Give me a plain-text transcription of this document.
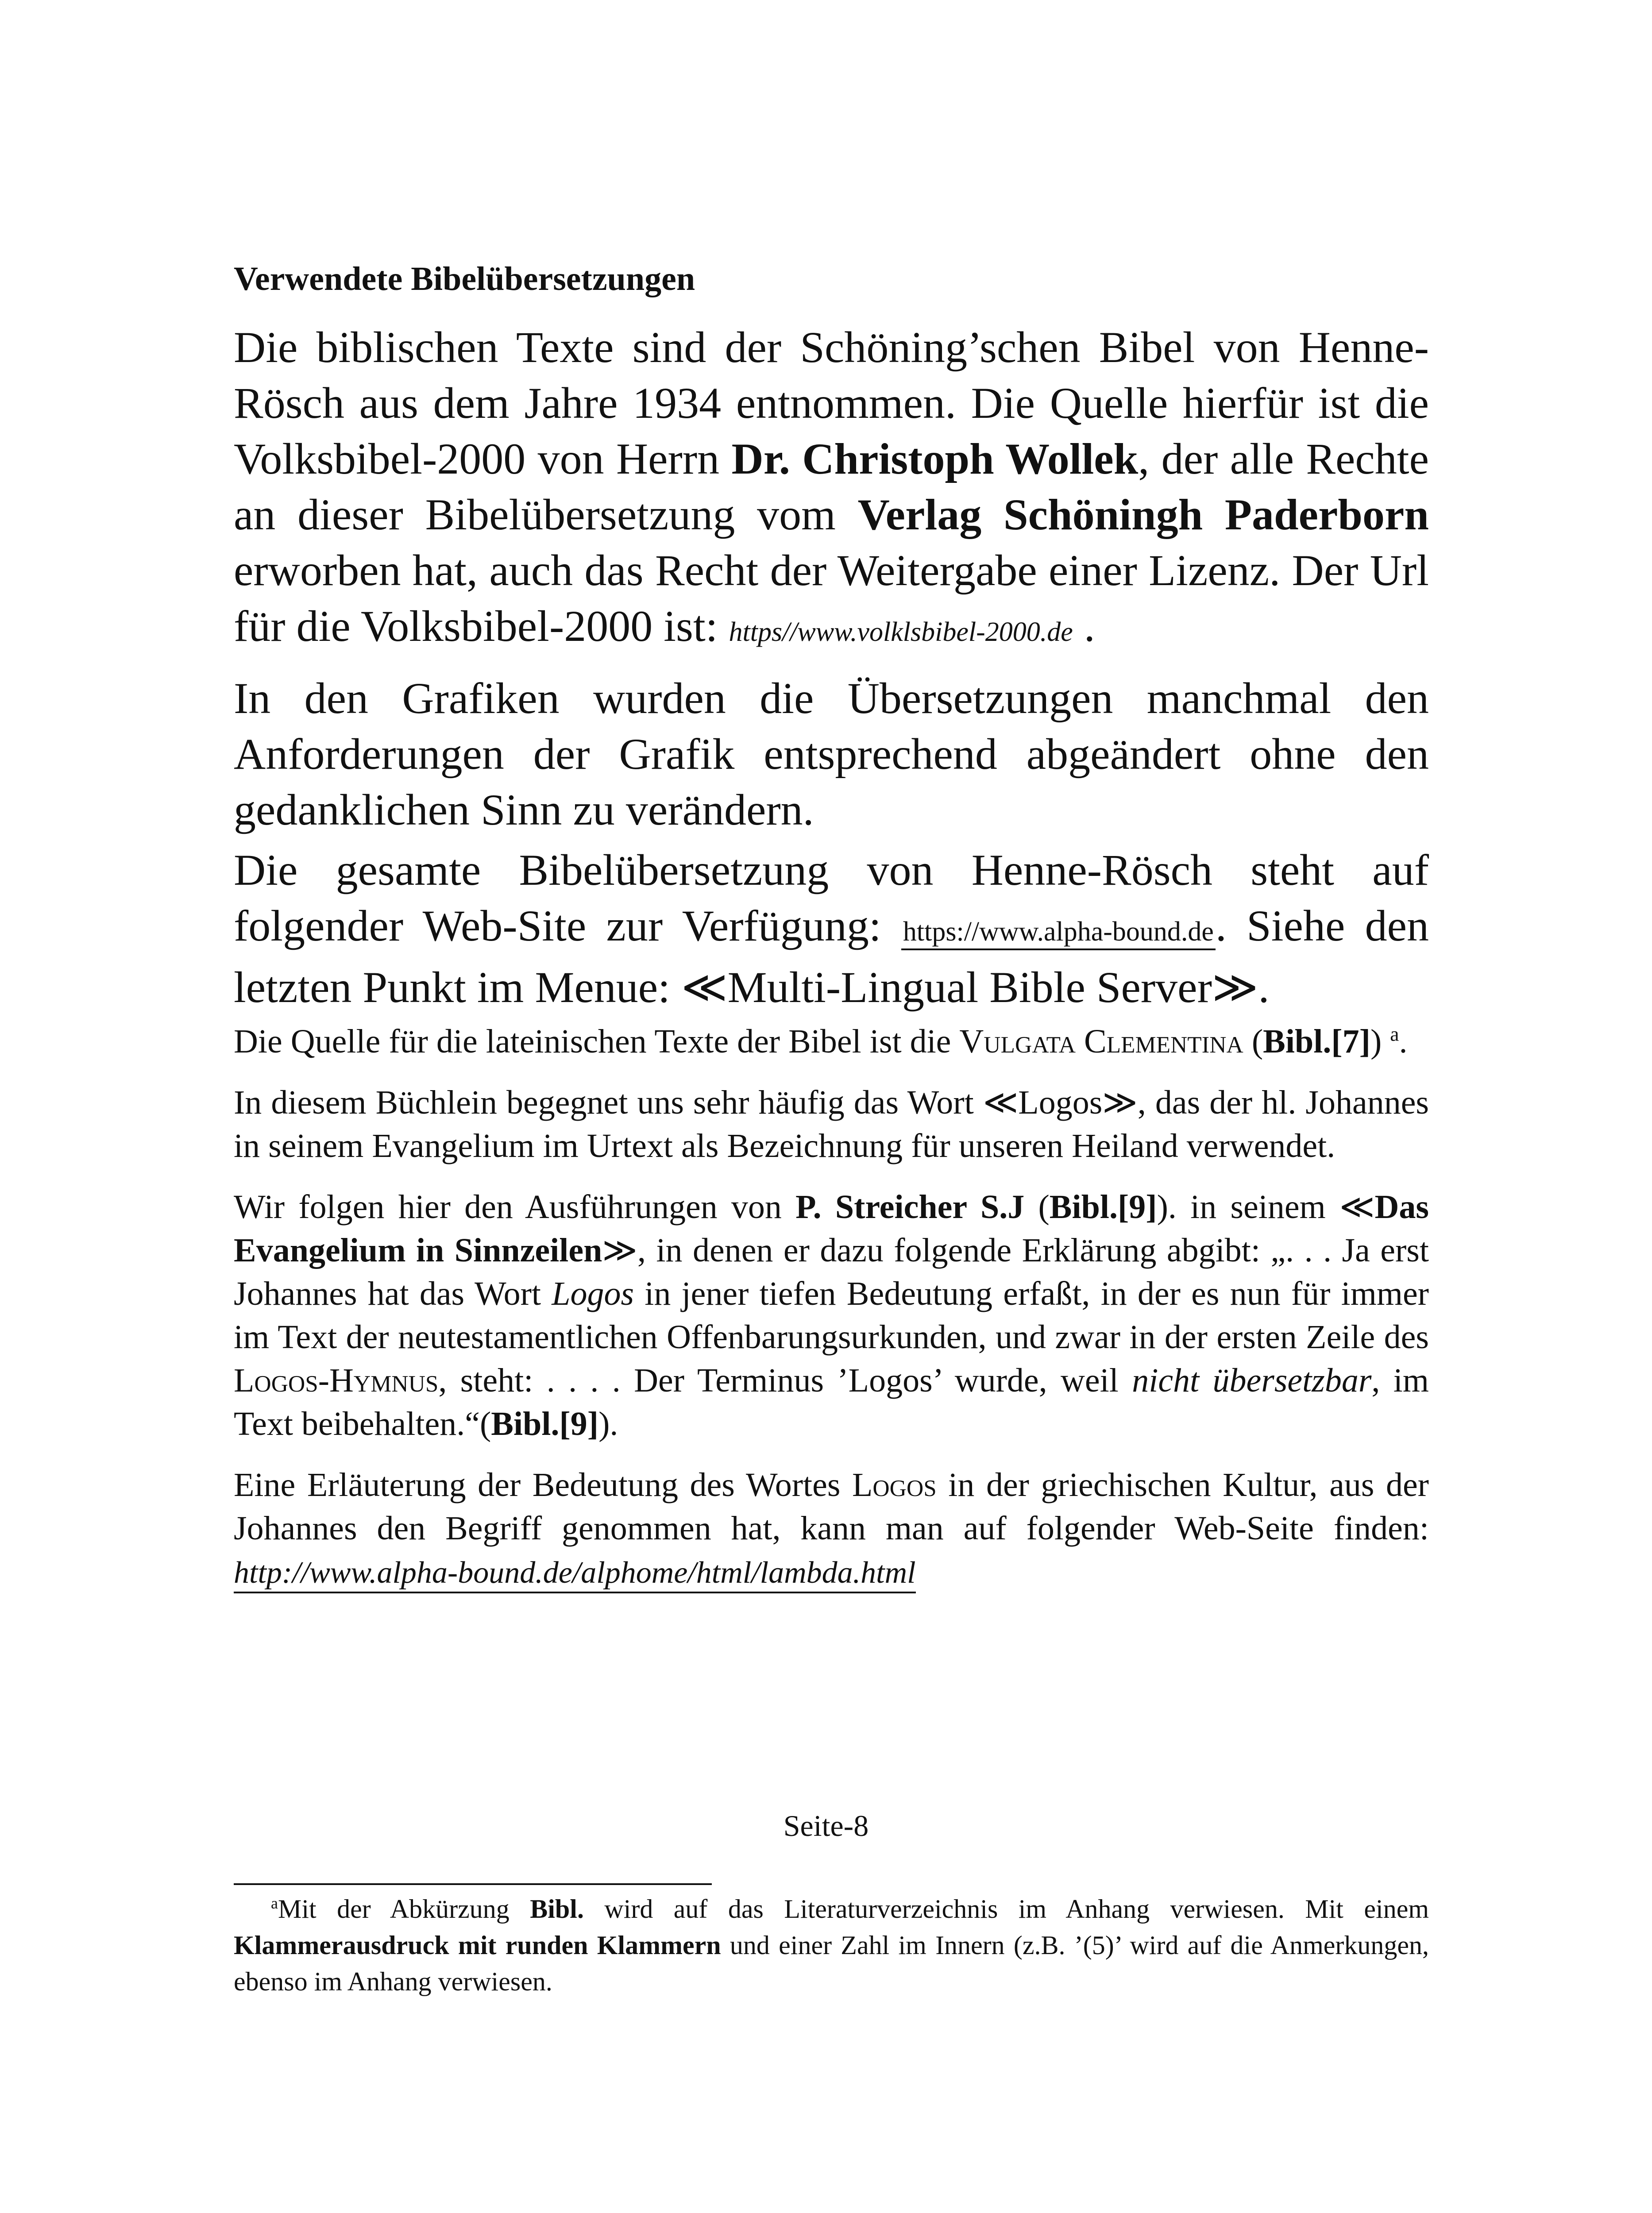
Verwendete Bibelübersetzungen

Die biblischen Texte sind der Schöning’schen Bibel von Henne-Rösch aus dem Jahre 1934 entnommen. Die Quelle hierfür ist die Volksbibel-2000 von Herrn Dr. Christoph Wollek, der alle Rechte an dieser Bibelübersetzung vom Verlag Schöningh Paderborn erworben hat, auch das Recht der Weitergabe einer Lizenz. Der Url für die Volksbibel-2000 ist: https//www.volklsbibel-2000.de .

In den Grafiken wurden die Übersetzungen manchmal den Anforderungen der Grafik entsprechend abgeändert ohne den gedanklichen Sinn zu verändern.

Die gesamte Bibelübersetzung von Henne-Rösch steht auf folgender Web-Site zur Verfügung: https://www.alpha-bound.de. Siehe den letzten Punkt im Menue: ≪Multi-Lingual Bible Server≫.

Die Quelle für die lateinischen Texte der Bibel ist die Vulgata Clementina (Bibl.[7]) $^a$.

In diesem Büchlein begegnet uns sehr häufig das Wort ≪Logos≫, das der hl. Johannes in seinem Evangelium im Urtext als Bezeichnung für unseren Heiland verwendet.

Wir folgen hier den Ausführungen von P. Streicher S.J (Bibl.[9]). in seinem ≪Das Evangelium in Sinnzeilen≫, in denen er dazu folgende Erklärung abgibt: „. . . Ja erst Johannes hat das Wort Logos in jener tiefen Bedeutung erfaßt, in der es nun für immer im Text der neutestamentlichen Offenbarungsurkunden, und zwar in der ersten Zeile des Logos-Hymnus, steht: . . . . Der Terminus ’Logos’ wurde, weil nicht übersetzbar, im Text beibehalten.“(Bibl.[9]).

Eine Erläuterung der Bedeutung des Wortes Logos in der griechischen Kultur, aus der Johannes den Begriff genommen hat, kann man auf folgender Web-Seite finden: http://www.alpha-bound.de/alphome/html/lambda.html

Seite-8
$^a$Mit der Abkürzung Bibl. wird auf das Literaturverzeichnis im Anhang verwiesen. Mit einem Klammerausdruck mit runden Klammern und einer Zahl im Innern (z.B. ’(5)’ wird auf die Anmerkungen, ebenso im Anhang verwiesen.
